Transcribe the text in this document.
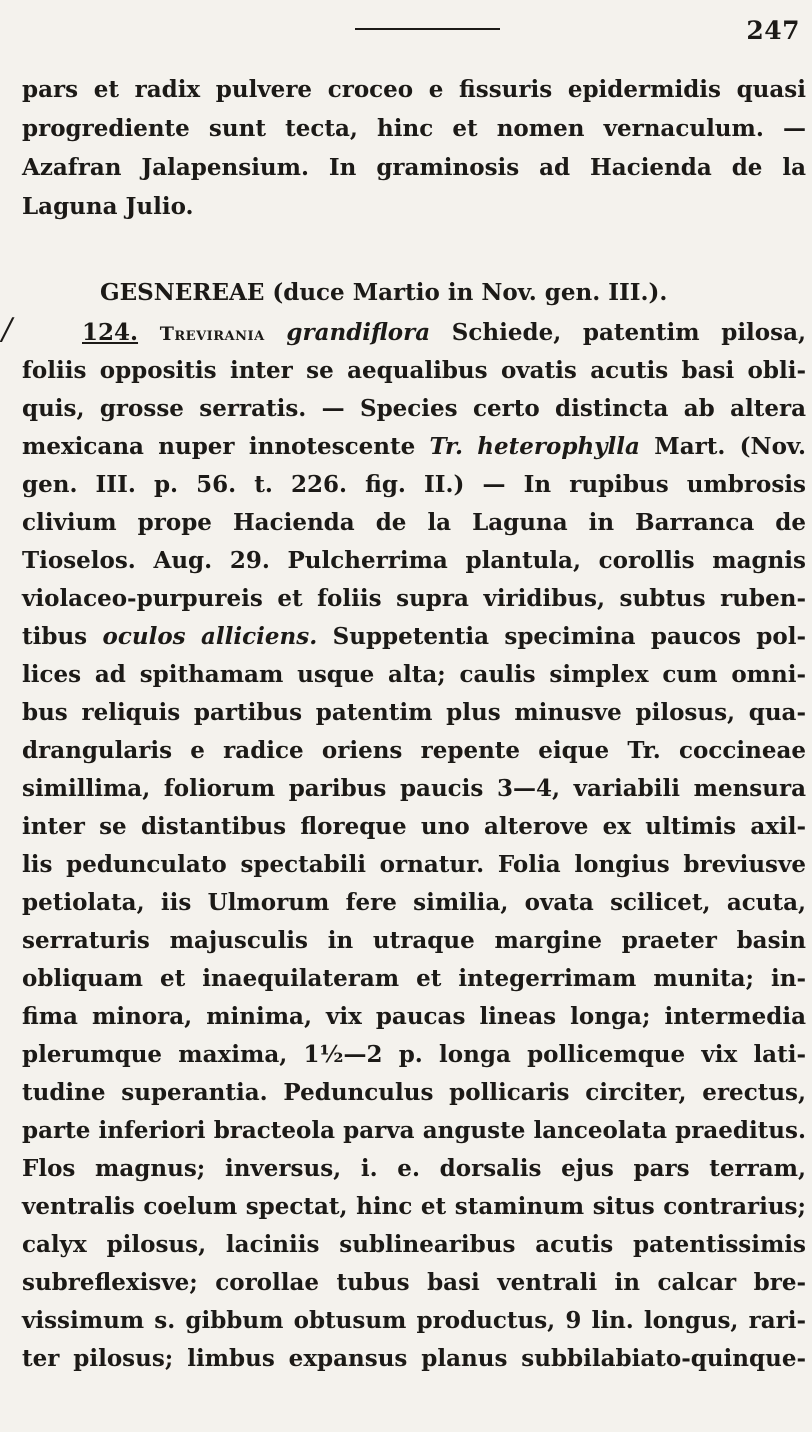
247
pars et radix pulvere croceo e fissuris epidermidis quasi
progrediente sunt tecta, hinc et nomen vernaculum. —
Azafran Jalapensium. In graminosis ad Hacienda de la
Laguna Julio.
GESNEREAE (duce Martio in Nov. gen. III.).
/	124. Trevirania grandiflora Schiede, patentim pilosa,
foliis oppositis inter se aequalibus ovatis acutis basi obli-
quis, grosse serratis. — Species certo distincta ab altera
mexicana nuper innotescente Tr. heterophylla Mart. (Nov.
gen. III. p. 56. t. 226. fig. II.) — In rupibus umbrosis
clivium prope Hacienda de la Laguna in Barranca de
Tioselos. Aug. 29. Pulcherrima plantula, corollis magnis
violaceo-purpureis et foliis supra viridibus, subtus ruben-
tibus oculos alliciens. Suppetentia specimina paucos pol-
lices ad spithamam usque alta; caulis simplex cum omni-
bus reliquis partibus patentim plus minusve pilosus, qua-
drangularis e radice oriens repente eique Tr. coccineae
simillima, foliorum paribus paucis 3—4, variabili mensura
inter se distantibus floreque uno alterove ex ultimis axil-
lis pedunculato spectabili ornatur. Folia longius breviusve
petiolata, iis Ulmorum fere similia, ovata scilicet, acuta,
serraturis majusculis in utraque margine praeter basin
obliquam et inaequilateram et integerrimam munita; in-
fima minora, minima, vix paucas lineas longa; intermedia
plerumque maxima, 1½—2 p. longa pollicemque vix lati-
tudine superantia. Pedunculus pollicaris circiter, erectus,
parte inferiori bracteola parva anguste lanceolata praeditus.
Flos magnus; inversus, i. e. dorsalis ejus pars terram,
ventralis coelum spectat, hinc et staminum situs contrarius;
calyx pilosus, laciniis sublinearibus acutis patentissimis
subreflexisve; corollae tubus basi ventrali in calcar bre-
vissimum s. gibbum obtusum productus, 9 lin. longus, rari-
ter pilosus; limbus expansus planus subbilabiato-quinque-
